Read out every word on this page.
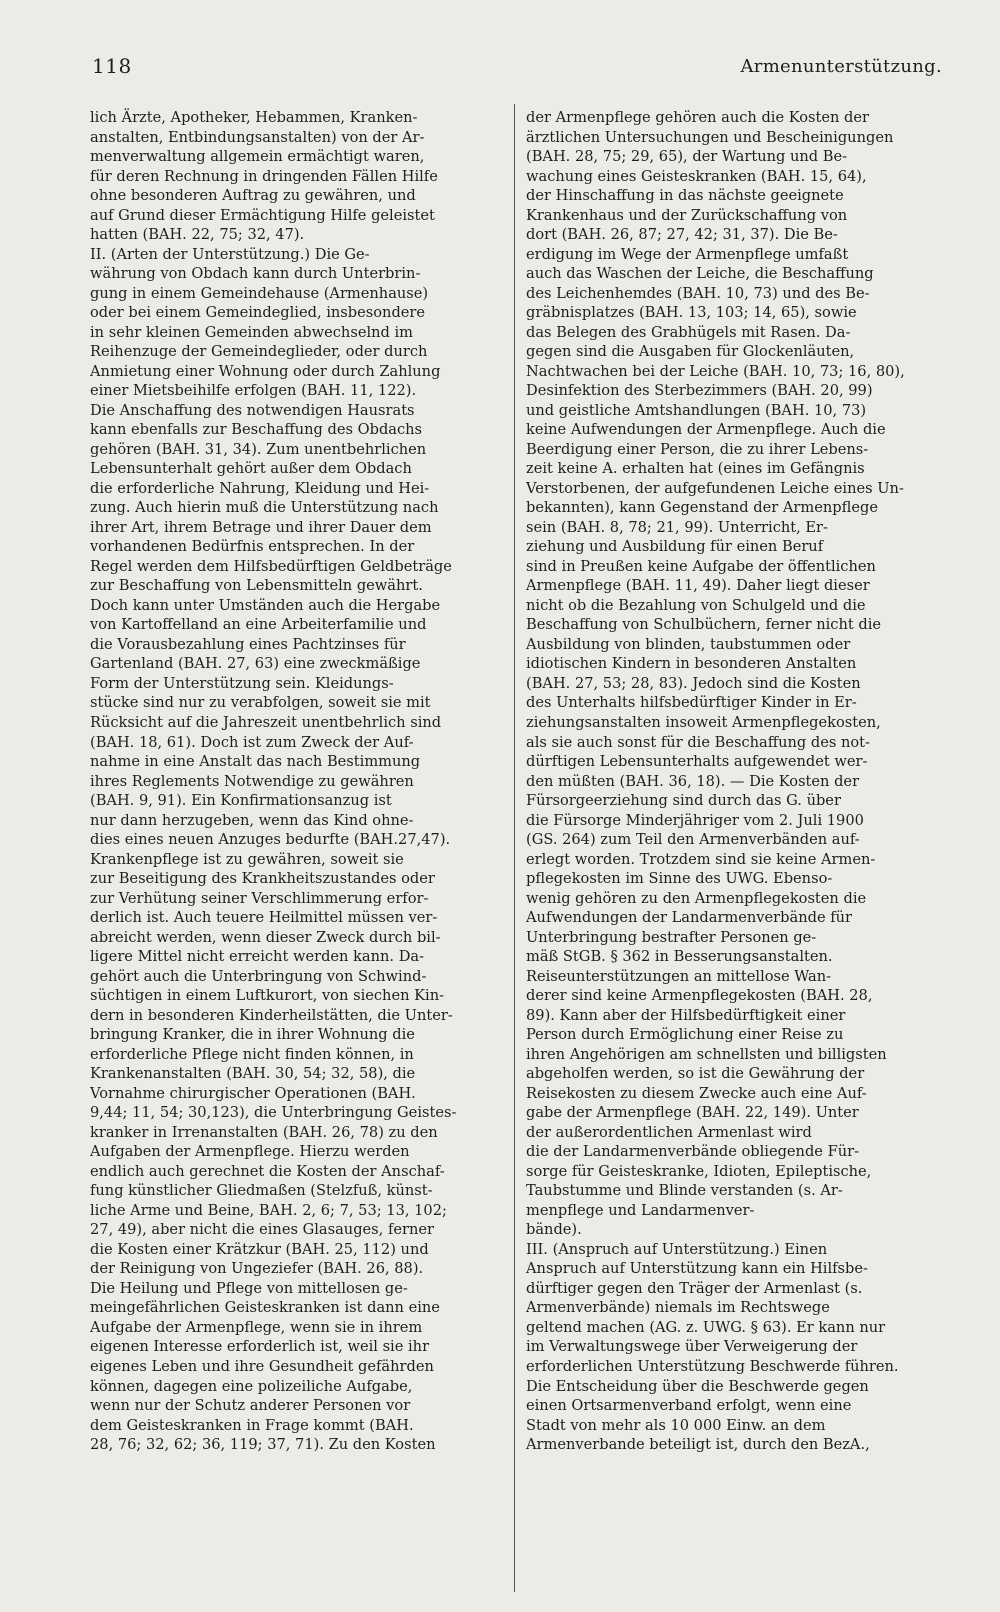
118	Armenunterstützung.
lich Ärzte, Apotheker, Hebammen, Kranken-
anstalten, Entbindungsanstalten) von der Ar-
menverwaltung allgemein ermächtigt waren,
für deren Rechnung in dringenden Fällen Hilfe
ohne besonderen Auftrag zu gewähren, und
auf Grund dieser Ermächtigung Hilfe geleistet
hatten (BAH. 22, 75; 32, 47).
II. (Arten der Unterstützung.) Die Ge-
währung von Obdach kann durch Unterbrin-
gung in einem Gemeindehause (Armenhause)
oder bei einem Gemeindeglied, insbesondere
in sehr kleinen Gemeinden abwechselnd im
Reihenzuge der Gemeindeglieder, oder durch
Anmietung einer Wohnung oder durch Zahlung
einer Mietsbeihilfe erfolgen (BAH. 11, 122).
Die Anschaffung des notwendigen Hausrats
kann ebenfalls zur Beschaffung des Obdachs
gehören (BAH. 31, 34). Zum unentbehrlichen
Lebensunterhalt gehört außer dem Obdach
die erforderliche Nahrung, Kleidung und Hei-
zung. Auch hierin muß die Unterstützung nach
ihrer Art, ihrem Betrage und ihrer Dauer dem
vorhandenen Bedürfnis entsprechen. In der
Regel werden dem Hilfsbedürftigen Geldbeträge
zur Beschaffung von Lebensmitteln gewährt.
Doch kann unter Umständen auch die Hergabe
von Kartoffelland an eine Arbeiterfamilie und
die Vorausbezahlung eines Pachtzinses für
Gartenland (BAH. 27, 63) eine zweckmäßige
Form der Unterstützung sein. Kleidungs-
stücke sind nur zu verabfolgen, soweit sie mit
Rücksicht auf die Jahreszeit unentbehrlich sind
(BAH. 18, 61). Doch ist zum Zweck der Auf-
nahme in eine Anstalt das nach Bestimmung
ihres Reglements Notwendige zu gewähren
(BAH. 9, 91). Ein Konfirmationsanzug ist
nur dann herzugeben, wenn das Kind ohne-
dies eines neuen Anzuges bedurfte (BAH.27,47).
Krankenpflege ist zu gewähren, soweit sie
zur Beseitigung des Krankheitszustandes oder
zur Verhütung seiner Verschlimmerung erfor-
derlich ist. Auch teuere Heilmittel müssen ver-
abreicht werden, wenn dieser Zweck durch bil-
ligere Mittel nicht erreicht werden kann. Da-
gehört auch die Unterbringung von Schwind-
süchtigen in einem Luftkurort, von siechen Kin-
dern in besonderen Kinderheilstätten, die Unter-
bringung Kranker, die in ihrer Wohnung die
erforderliche Pflege nicht finden können, in
Krankenanstalten (BAH. 30, 54; 32, 58), die
Vornahme chirurgischer Operationen (BAH.
9,44; 11, 54; 30,123), die Unterbringung Geistes-
kranker in Irrenanstalten (BAH. 26, 78) zu den
Aufgaben der Armenpflege. Hierzu werden
endlich auch gerechnet die Kosten der Anschaf-
fung künstlicher Gliedmaßen (Stelzfuß, künst-
liche Arme und Beine, BAH. 2, 6; 7, 53; 13, 102;
27, 49), aber nicht die eines Glasauges, ferner
die Kosten einer Krätzkur (BAH. 25, 112) und
der Reinigung von Ungeziefer (BAH. 26, 88).
Die Heilung und Pflege von mittellosen ge-
meingefährlichen Geisteskranken ist dann eine
Aufgabe der Armenpflege, wenn sie in ihrem
eigenen Interesse erforderlich ist, weil sie ihr
eigenes Leben und ihre Gesundheit gefährden
können, dagegen eine polizeiliche Aufgabe,
wenn nur der Schutz anderer Personen vor
dem Geisteskranken in Frage kommt (BAH.
28, 76; 32, 62; 36, 119; 37, 71). Zu den Kosten
der Armenpflege gehören auch die Kosten der
ärztlichen Untersuchungen und Bescheinigungen
(BAH. 28, 75; 29, 65), der Wartung und Be-
wachung eines Geisteskranken (BAH. 15, 64),
der Hinschaffung in das nächste geeignete
Krankenhaus und der Zurückschaffung von
dort (BAH. 26, 87; 27, 42; 31, 37). Die Be-
erdigung im Wege der Armenpflege umfaßt
auch das Waschen der Leiche, die Beschaffung
des Leichenhemdes (BAH. 10, 73) und des Be-
gräbnisplatzes (BAH. 13, 103; 14, 65), sowie
das Belegen des Grabhügels mit Rasen. Da-
gegen sind die Ausgaben für Glockenläuten,
Nachtwachen bei der Leiche (BAH. 10, 73; 16, 80),
Desinfektion des Sterbezimmers (BAH. 20, 99)
und geistliche Amtshandlungen (BAH. 10, 73)
keine Aufwendungen der Armenpflege. Auch die
Beerdigung einer Person, die zu ihrer Lebens-
zeit keine A. erhalten hat (eines im Gefängnis
Verstorbenen, der aufgefundenen Leiche eines Un-
bekannten), kann Gegenstand der Armenpflege
sein (BAH. 8, 78; 21, 99). Unterricht, Er-
ziehung und Ausbildung für einen Beruf
sind in Preußen keine Aufgabe der öffentlichen
Armenpflege (BAH. 11, 49). Daher liegt dieser
nicht ob die Bezahlung von Schulgeld und die
Beschaffung von Schulbüchern, ferner nicht die
Ausbildung von blinden, taubstummen oder
idiotischen Kindern in besonderen Anstalten
(BAH. 27, 53; 28, 83). Jedoch sind die Kosten
des Unterhalts hilfsbedürftiger Kinder in Er-
ziehungsanstalten insoweit Armenpflegekosten,
als sie auch sonst für die Beschaffung des not-
dürftigen Lebensunterhalts aufgewendet wer-
den müßten (BAH. 36, 18). — Die Kosten der
Fürsorgeerziehung sind durch das G. über
die Fürsorge Minderjähriger vom 2. Juli 1900
(GS. 264) zum Teil den Armenverbänden auf-
erlegt worden. Trotzdem sind sie keine Armen-
pflegekosten im Sinne des UWG. Ebenso-
wenig gehören zu den Armenpflegekosten die
Aufwendungen der Landarmenverbände für
Unterbringung bestrafter Personen ge-
mäß StGB. § 362 in Besserungsanstalten.
Reiseunterstützungen an mittellose Wan-
derer sind keine Armenpflegekosten (BAH. 28,
89). Kann aber der Hilfsbedürftigkeit einer
Person durch Ermöglichung einer Reise zu
ihren Angehörigen am schnellsten und billigsten
abgeholfen werden, so ist die Gewährung der
Reisekosten zu diesem Zwecke auch eine Auf-
gabe der Armenpflege (BAH. 22, 149). Unter
der außerordentlichen Armenlast wird
die der Landarmenverbände obliegende Für-
sorge für Geisteskranke, Idioten, Epileptische,
Taubstumme und Blinde verstanden (s. Ar-
menpflege und Landarmenver-
bände).
III. (Anspruch auf Unterstützung.) Einen
Anspruch auf Unterstützung kann ein Hilfsbe-
dürftiger gegen den Träger der Armenlast (s.
Armenverbände) niemals im Rechtswege
geltend machen (AG. z. UWG. § 63). Er kann nur
im Verwaltungswege über Verweigerung der
erforderlichen Unterstützung Beschwerde führen.
Die Entscheidung über die Beschwerde gegen
einen Ortsarmenverband erfolgt, wenn eine
Stadt von mehr als 10 000 Einw. an dem
Armenverbande beteiligt ist, durch den BezA.,
